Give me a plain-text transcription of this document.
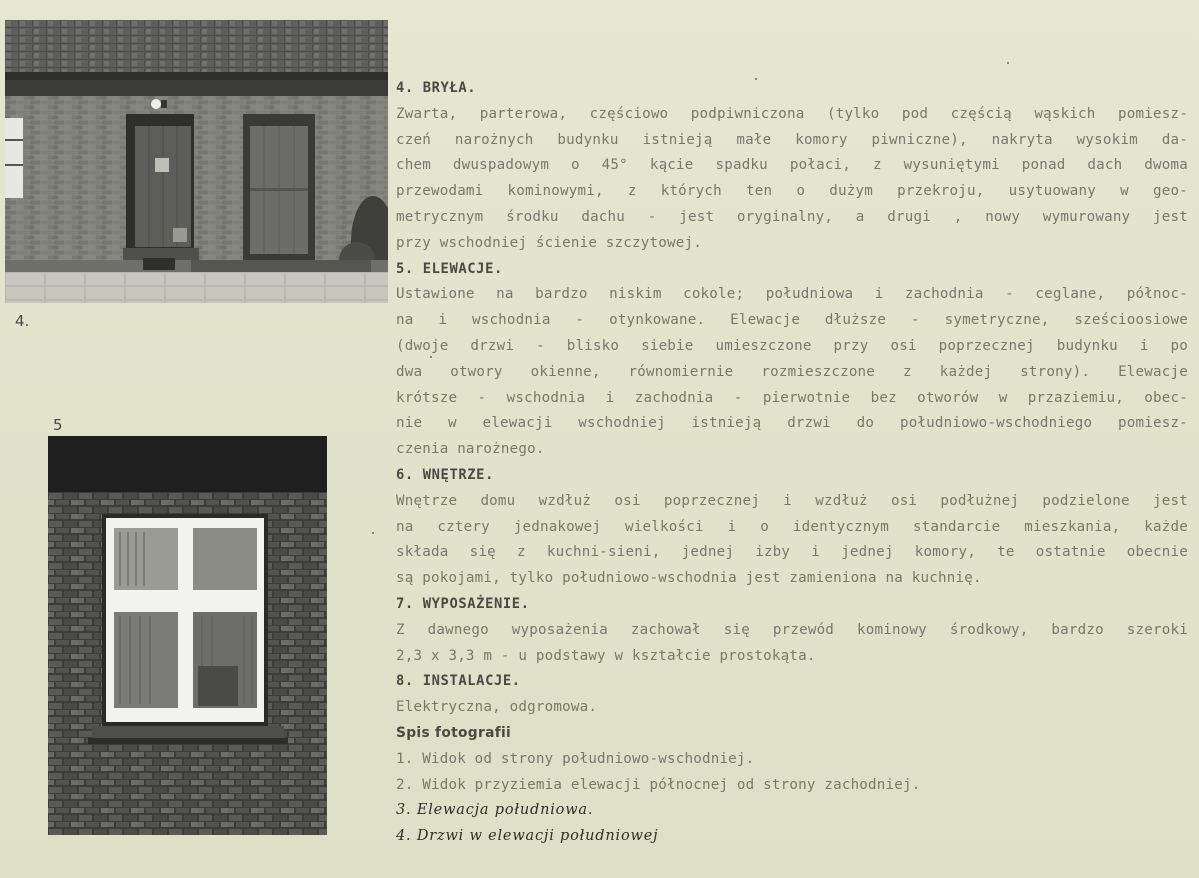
4.
5
4. BRYŁA.
Zwarta, parterowa, częściowo podpiwniczona (tylko pod częścią wąskich pomiesz-
czeń narożnych budynku istnieją małe komory piwniczne), nakryta wysokim da-
chem dwuspadowym o 45° kącie spadku połaci, z wysuniętymi ponad dach dwoma
przewodami kominowymi, z których ten o dużym przekroju, usytuowany w geo-
metrycznym środku dachu - jest oryginalny, a drugi , nowy wymurowany jest
przy wschodniej ścienie szczytowej.
5. ELEWACJE.
Ustawione na bardzo niskim cokole; południowa i zachodnia - ceglane, północ-
na i wschodnia - otynkowane. Elewacje dłuższe - symetryczne, sześcioosiowe
(dwoje drzwi - blisko siebie umieszczone przy osi poprzecznej budynku i po
dwa otwory okienne, równomiernie rozmieszczone z każdej strony). Elewacje
krótsze - wschodnia i zachodnia - pierwotnie bez otworów w przaziemiu, obec-
nie w elewacji wschodniej istnieją drzwi do południowo-wschodniego pomiesz-
czenia narożnego.
6. WNĘTRZE.
Wnętrze domu wzdłuż osi poprzecznej i wzdłuż osi podłużnej podzielone jest
na cztery jednakowej wielkości i o identycznym standarcie mieszkania, każde
składa się z kuchni-sieni, jednej izby i jednej komory, te ostatnie obecnie
są pokojami, tylko południowo-wschodnia jest zamieniona na kuchnię.
7. WYPOSAŻENIE.
Z dawnego wyposażenia zachował się przewód kominowy środkowy, bardzo szeroki
2,3 x 3,3 m - u podstawy w kształcie prostokąta.
8. INSTALACJE.
Elektryczna, odgromowa.
Spis fotografii
1. Widok od strony południowo-wschodniej.
2. Widok przyziemia elewacji północnej od strony zachodniej.
3. Elewacja południowa.
4. Drzwi w elewacji południowej
